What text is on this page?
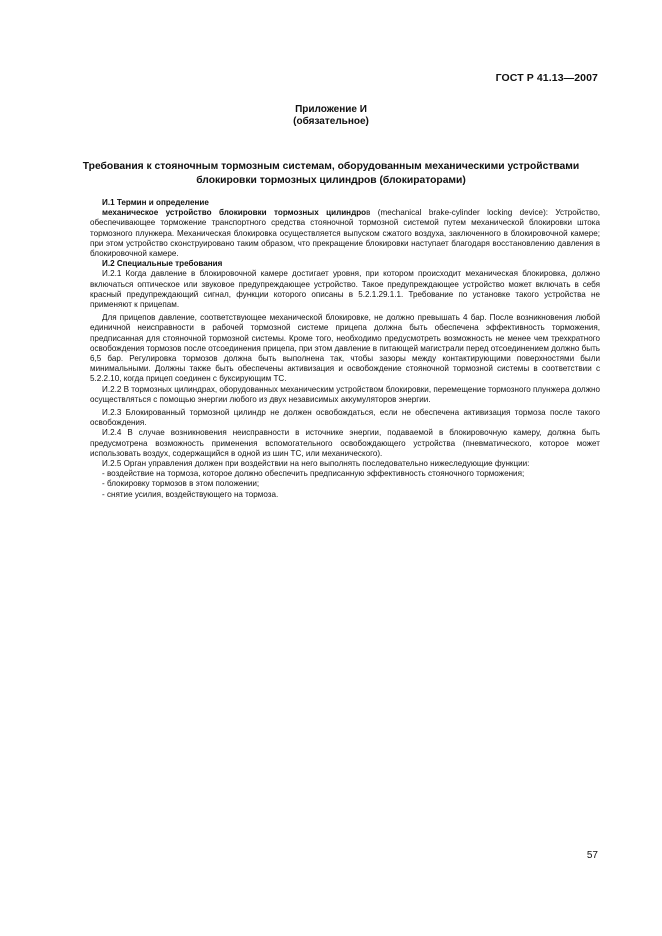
ГОСТ Р 41.13—2007
Приложение И
(обязательное)
Требования к стояночным тормозным системам, оборудованным механическими устройствами блокировки тормозных цилиндров (блокираторами)

И.1 Термин и определение

механическое устройство блокировки тормозных цилиндров (mechanical brake-cylinder locking device): Устройство, обеспечивающее торможение транспортного средства стояночной тормозной системой путем механической блокировки штока тормозного плунжера. Механическая блокировка осуществляется выпуском сжатого воздуха, заключенного в блокировочной камере; при этом устройство сконструировано таким образом, что прекращение блокировки наступает благодаря восстановлению давления в блокировочной камере.

И.2 Специальные требования

И.2.1 Когда давление в блокировочной камере достигает уровня, при котором происходит механическая блокировка, должно включаться оптическое или звуковое предупреждающее устройство. Такое предупреждающее устройство может включать в себя красный предупреждающий сигнал, функции которого описаны в 5.2.1.29.1.1. Требование по установке такого устройства не применяют к прицепам.

Для прицепов давление, соответствующее механической блокировке, не должно превышать 4 бар. После возникновения любой единичной неисправности в рабочей тормозной системе прицепа должна быть обеспечена эффективность торможения, предписанная для стояночной тормозной системы. Кроме того, необходимо предусмотреть возможность не менее чем трехкратного освобождения тормозов после отсоединения прицепа, при этом давление в питающей магистрали перед отсоединением должно быть 6,5 бар. Регулировка тормозов должна быть выполнена так, чтобы зазоры между контактирующими поверхностями были минимальными. Должны также быть обеспечены активизация и освобождение стояночной тормозной системы в соответствии с 5.2.2.10, когда прицеп соединен с буксирующим ТС.

И.2.2 В тормозных цилиндрах, оборудованных механическим устройством блокировки, перемещение тормозного плунжера должно осуществляться с помощью энергии любого из двух независимых аккумуляторов энергии.

И.2.3 Блокированный тормозной цилиндр не должен освобождаться, если не обеспечена активизация тормоза после такого освобождения.

И.2.4 В случае возникновения неисправности в источнике энергии, подаваемой в блокировочную камеру, должна быть предусмотрена возможность применения вспомогательного освобождающего устройства (пневматического, которое может использовать воздух, содержащийся в одной из шин ТС, или механического).

И.2.5 Орган управления должен при воздействии на него выполнять последовательно нижеследующие функции:

- воздействие на тормоза, которое должно обеспечить предписанную эффективность стояночного торможения;

- блокировку тормозов в этом положении;

- снятие усилия, воздействующего на тормоза.

57
